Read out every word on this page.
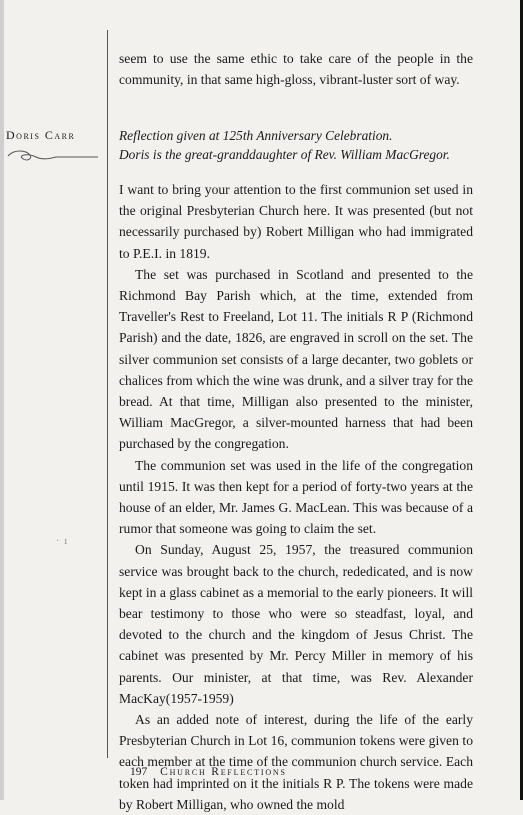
seem to use the same ethic to take care of the people in the community, in that same high-gloss, vibrant-luster sort of way.

Doris Carr	Reflection given at 125th Anniversary Celebration.

Doris is the great-granddaughter of Rev. William MacGregor.

I want to bring your attention to the first communion set used in the original Presbyterian Church here. It was presented (but not necessarily purchased by) Robert Milligan who had immigrated to P.E.I. in 1819.

The set was purchased in Scotland and presented to the Richmond Bay Parish which, at the time, extended from Traveller's Rest to Freeland, Lot 11. The initials R P (Richmond Parish) and the date, 1826, are engraved in scroll on the set. The silver communion set consists of a large decanter, two goblets or chalices from which the wine was drunk, and a silver tray for the bread. At that time, Milligan also presented to the minister, William MacGregor, a silver-mounted harness that had been purchased by the congregation.

The communion set was used in the life of the congregation until 1915. It was then kept for a period of forty-two years at the house of an elder, Mr. James G. MacLean. This was because of a rumor that someone was going to claim the set.

On Sunday, August 25, 1957, the treasured communion service was brought back to the church, rededicated, and is now kept in a glass cabinet as a memorial to the early pioneers. It will bear testimony to those who were so steadfast, loyal, and devoted to the church and the kingdom of Jesus Christ. The cabinet was presented by Mr. Percy Miller in memory of his parents. Our minister, at that time, was Rev. Alexander MacKay(1957-1959)

As an added note of interest, during the life of the early Presbyterian Church in Lot 16, communion tokens were given to each member at the time of the communion church service. Each token had imprinted on it the initials R P. The tokens were made by Robert Milligan, who owned the mold

·  ı
197 Church Reflections
